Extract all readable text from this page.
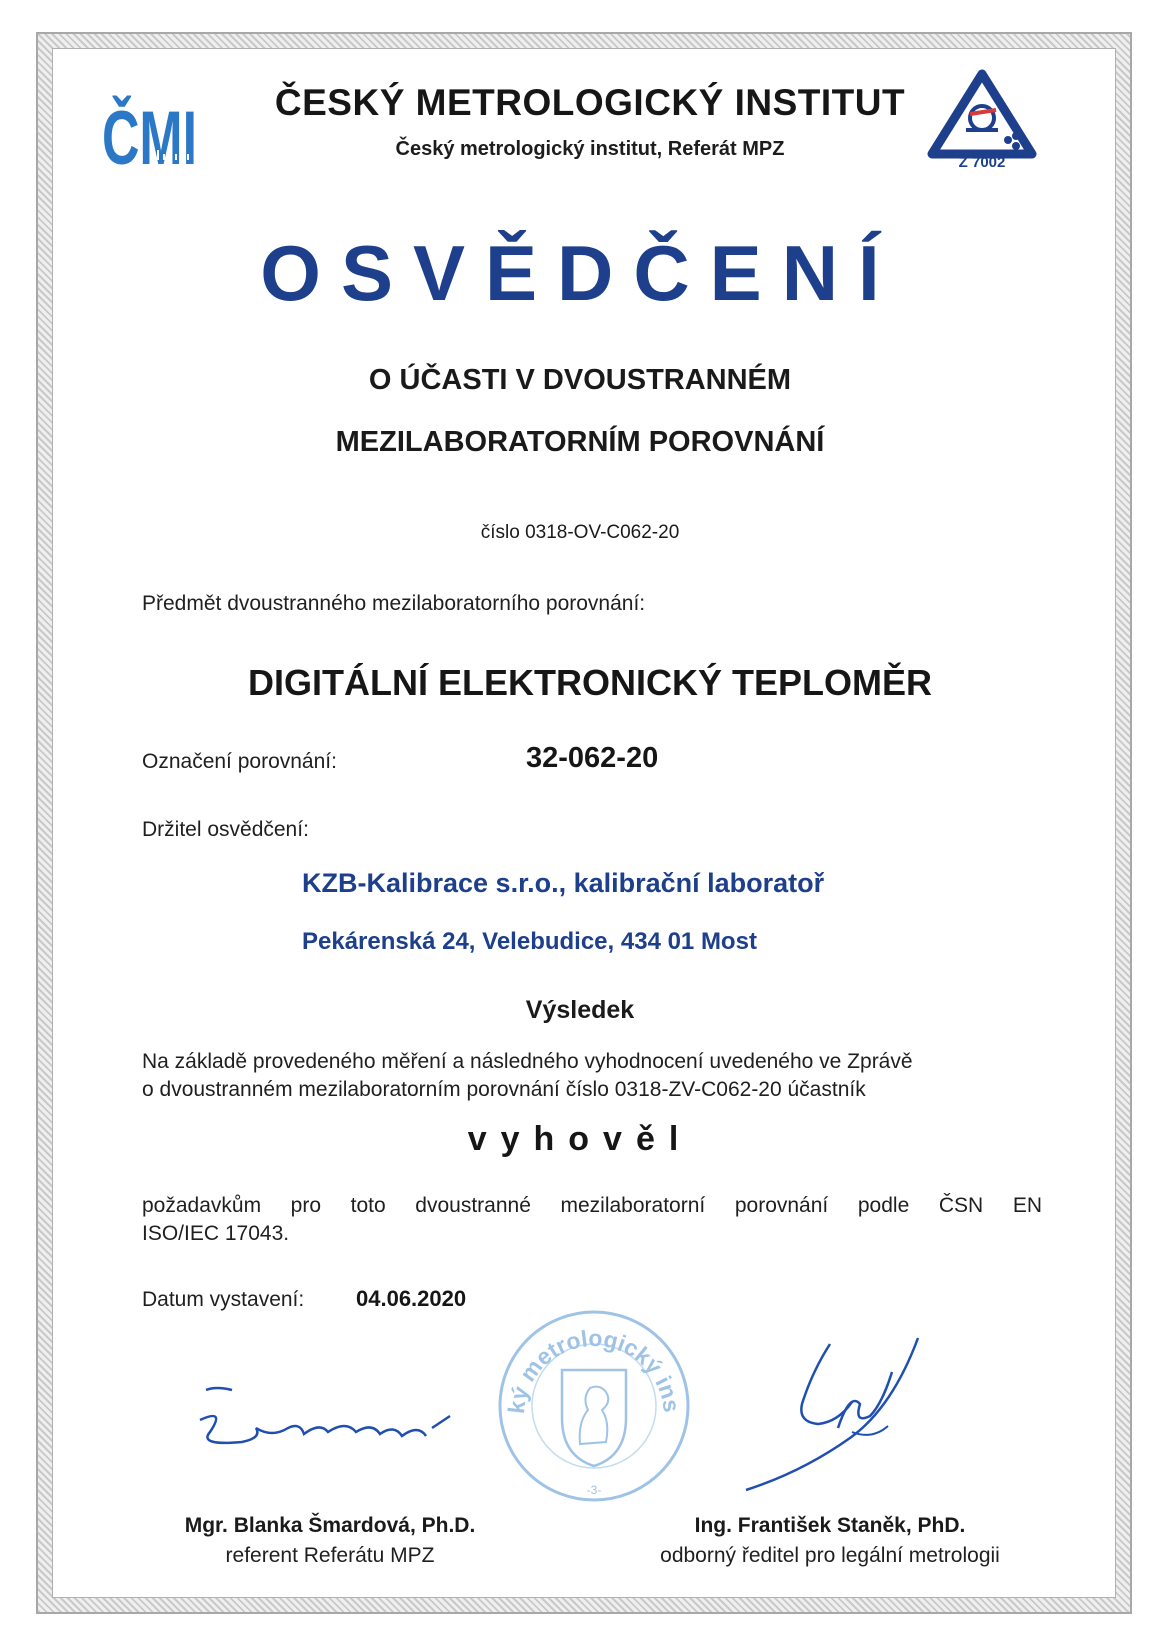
ČMI	ČESKÝ METROLOGICKÝ INSTITUT
Český metrologický institut, Referát MPZ
Z 7002
OSVĚDČENÍ
O ÚČASTI V DVOUSTRANNÉM
MEZILABORATORNÍM POROVNÁNÍ
číslo 0318-OV-C062-20
Předmět dvoustranného mezilaboratorního porovnání:
DIGITÁLNÍ ELEKTRONICKÝ TEPLOMĚR
Označení porovnání:	32-062-20
Držitel osvědčení:
KZB-Kalibrace s.r.o., kalibrační laboratoř
Pekárenská 24, Velebudice, 434 01 Most
Výsledek
Na základě provedeného měření a následného vyhodnocení uvedeného ve Zprávě
o dvoustranném mezilaboratorním porovnání číslo 0318-ZV-C062-20 účastník
vyhověl
požadavkům pro toto dvoustranné mezilaboratorní porovnání podle ČSN EN
ISO/IEC 17043.
Datum vystavení: 04.06.2020
ký metrologický ins
-3-
Mgr. Blanka Šmardová, Ph.D.
referent Referátu MPZ
Ing. František Staněk, PhD.
odborný ředitel pro legální metrologii
